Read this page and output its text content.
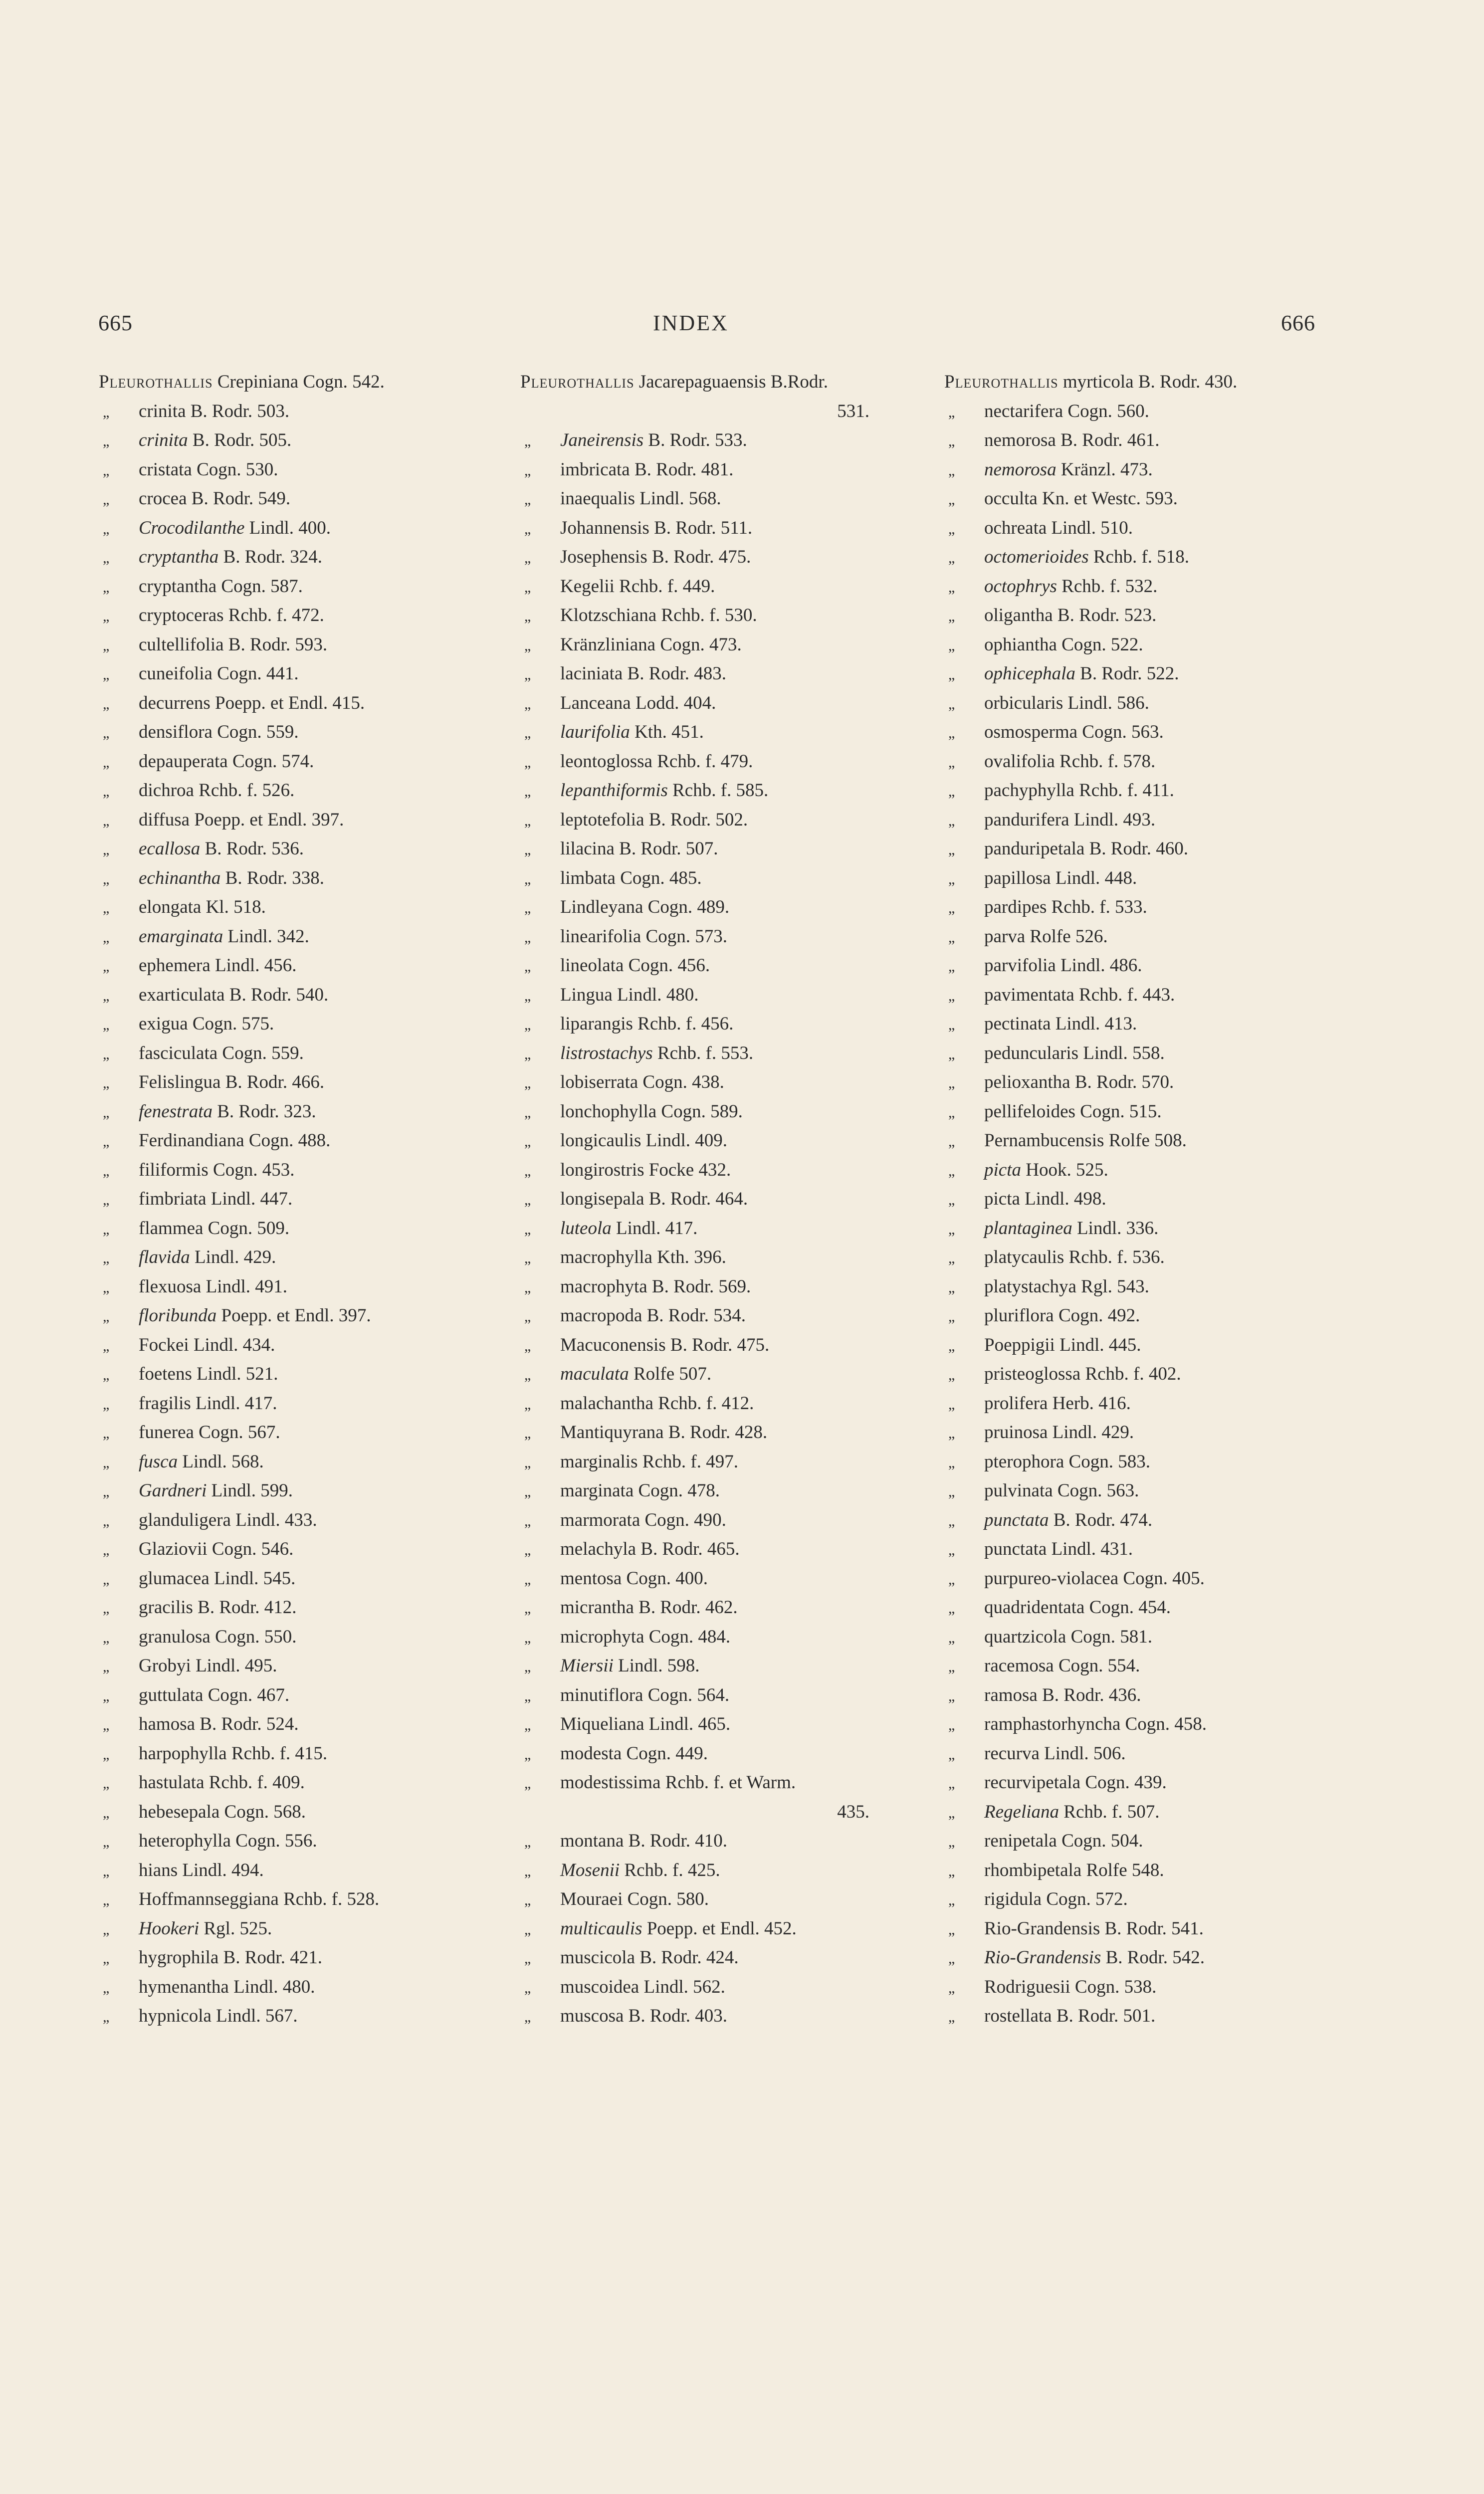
665	INDEX	666
Pleurothallis Crepiniana Cogn. 542.
„ crinita B. Rodr. 503.
„ crinita B. Rodr. 505.
„ cristata Cogn. 530.
„ crocea B. Rodr. 549.
„ Crocodilanthe Lindl. 400.
„ cryptantha B. Rodr. 324.
„ cryptantha Cogn. 587.
„ cryptoceras Rchb. f. 472.
„ cultellifolia B. Rodr. 593.
„ cuneifolia Cogn. 441.
„ decurrens Poepp. et Endl. 415.
„ densiflora Cogn. 559.
„ depauperata Cogn. 574.
„ dichroa Rchb. f. 526.
„ diffusa Poepp. et Endl. 397.
„ ecallosa B. Rodr. 536.
„ echinantha B. Rodr. 338.
„ elongata Kl. 518.
„ emarginata Lindl. 342.
„ ephemera Lindl. 456.
„ exarticulata B. Rodr. 540.
„ exigua Cogn. 575.
„ fasciculata Cogn. 559.
„ Felislingua B. Rodr. 466.
„ fenestrata B. Rodr. 323.
„ Ferdinandiana Cogn. 488.
„ filiformis Cogn. 453.
„ fimbriata Lindl. 447.
„ flammea Cogn. 509.
„ flavida Lindl. 429.
„ flexuosa Lindl. 491.
„ floribunda Poepp. et Endl. 397.
„ Fockei Lindl. 434.
„ foetens Lindl. 521.
„ fragilis Lindl. 417.
„ funerea Cogn. 567.
„ fusca Lindl. 568.
„ Gardneri Lindl. 599.
„ glanduligera Lindl. 433.
„ Glaziovii Cogn. 546.
„ glumacea Lindl. 545.
„ gracilis B. Rodr. 412.
„ granulosa Cogn. 550.
„ Grobyi Lindl. 495.
„ guttulata Cogn. 467.
„ hamosa B. Rodr. 524.
„ harpophylla Rchb. f. 415.
„ hastulata Rchb. f. 409.
„ hebesepala Cogn. 568.
„ heterophylla Cogn. 556.
„ hians Lindl. 494.
„ Hoffmannseggiana Rchb. f. 528.
„ Hookeri Rgl. 525.
„ hygrophila B. Rodr. 421.
„ hymenantha Lindl. 480.
„ hypnicola Lindl. 567.
Pleurothallis Jacarepaguaensis B.Rodr.
531.
„ Janeirensis B. Rodr. 533.
„ imbricata B. Rodr. 481.
„ inaequalis Lindl. 568.
„ Johannensis B. Rodr. 511.
„ Josephensis B. Rodr. 475.
„ Kegelii Rchb. f. 449.
„ Klotzschiana Rchb. f. 530.
„ Kränzliniana Cogn. 473.
„ laciniata B. Rodr. 483.
„ Lanceana Lodd. 404.
„ laurifolia Kth. 451.
„ leontoglossa Rchb. f. 479.
„ lepanthiformis Rchb. f. 585.
„ leptotefolia B. Rodr. 502.
„ lilacina B. Rodr. 507.
„ limbata Cogn. 485.
„ Lindleyana Cogn. 489.
„ linearifolia Cogn. 573.
„ lineolata Cogn. 456.
„ Lingua Lindl. 480.
„ liparangis Rchb. f. 456.
„ listrostachys Rchb. f. 553.
„ lobiserrata Cogn. 438.
„ lonchophylla Cogn. 589.
„ longicaulis Lindl. 409.
„ longirostris Focke 432.
„ longisepala B. Rodr. 464.
„ luteola Lindl. 417.
„ macrophylla Kth. 396.
„ macrophyta B. Rodr. 569.
„ macropoda B. Rodr. 534.
„ Macuconensis B. Rodr. 475.
„ maculata Rolfe 507.
„ malachantha Rchb. f. 412.
„ Mantiquyrana B. Rodr. 428.
„ marginalis Rchb. f. 497.
„ marginata Cogn. 478.
„ marmorata Cogn. 490.
„ melachyla B. Rodr. 465.
„ mentosa Cogn. 400.
„ micrantha B. Rodr. 462.
„ microphyta Cogn. 484.
„ Miersii Lindl. 598.
„ minutiflora Cogn. 564.
„ Miqueliana Lindl. 465.
„ modesta Cogn. 449.
„ modestissima Rchb. f. et Warm.
435.
„ montana B. Rodr. 410.
„ Mosenii Rchb. f. 425.
„ Mouraei Cogn. 580.
„ multicaulis Poepp. et Endl. 452.
„ muscicola B. Rodr. 424.
„ muscoidea Lindl. 562.
„ muscosa B. Rodr. 403.
Pleurothallis myrticola B. Rodr. 430.
„ nectarifera Cogn. 560.
„ nemorosa B. Rodr. 461.
„ nemorosa Kränzl. 473.
„ occulta Kn. et Westc. 593.
„ ochreata Lindl. 510.
„ octomerioides Rchb. f. 518.
„ octophrys Rchb. f. 532.
„ oligantha B. Rodr. 523.
„ ophiantha Cogn. 522.
„ ophicephala B. Rodr. 522.
„ orbicularis Lindl. 586.
„ osmosperma Cogn. 563.
„ ovalifolia Rchb. f. 578.
„ pachyphylla Rchb. f. 411.
„ pandurifera Lindl. 493.
„ panduripetala B. Rodr. 460.
„ papillosa Lindl. 448.
„ pardipes Rchb. f. 533.
„ parva Rolfe 526.
„ parvifolia Lindl. 486.
„ pavimentata Rchb. f. 443.
„ pectinata Lindl. 413.
„ peduncularis Lindl. 558.
„ pelioxantha B. Rodr. 570.
„ pellifeloides Cogn. 515.
„ Pernambucensis Rolfe 508.
„ picta Hook. 525.
„ picta Lindl. 498.
„ plantaginea Lindl. 336.
„ platycaulis Rchb. f. 536.
„ platystachya Rgl. 543.
„ pluriflora Cogn. 492.
„ Poeppigii Lindl. 445.
„ pristeoglossa Rchb. f. 402.
„ prolifera Herb. 416.
„ pruinosa Lindl. 429.
„ pterophora Cogn. 583.
„ pulvinata Cogn. 563.
„ punctata B. Rodr. 474.
„ punctata Lindl. 431.
„ purpureo-violacea Cogn. 405.
„ quadridentata Cogn. 454.
„ quartzicola Cogn. 581.
„ racemosa Cogn. 554.
„ ramosa B. Rodr. 436.
„ ramphastorhyncha Cogn. 458.
„ recurva Lindl. 506.
„ recurvipetala Cogn. 439.
„ Regeliana Rchb. f. 507.
„ renipetala Cogn. 504.
„ rhombipetala Rolfe 548.
„ rigidula Cogn. 572.
„ Rio-Grandensis B. Rodr. 541.
„ Rio-Grandensis B. Rodr. 542.
„ Rodriguesii Cogn. 538.
„ rostellata B. Rodr. 501.
